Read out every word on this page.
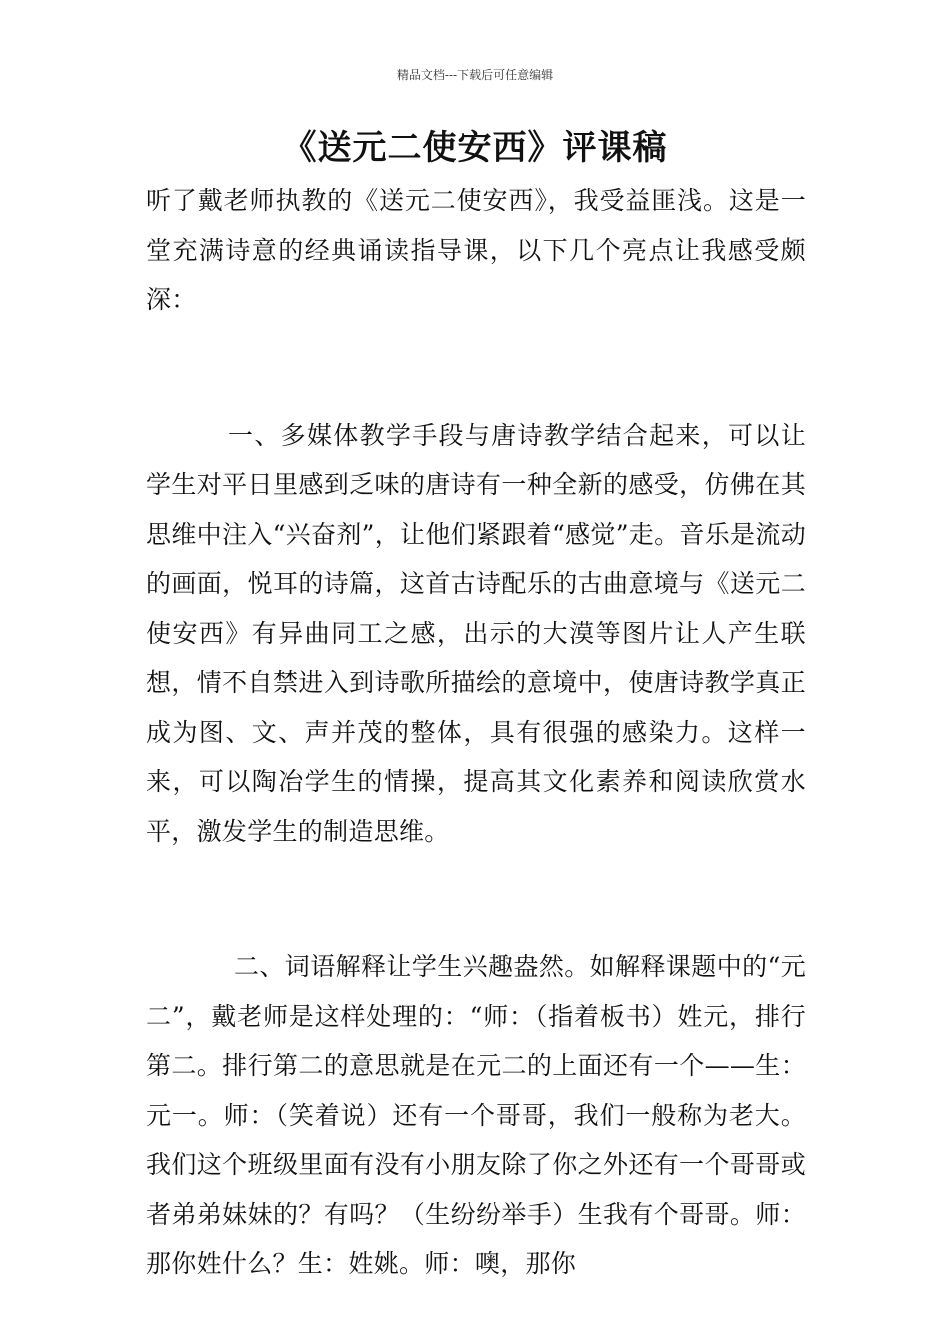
精品文档---下载后可任意编辑
《送元二使安西》评课稿

听了戴老师执教的《送元二使安西》，我受益匪浅。这是一堂充满诗意的经典诵读指导课，以下几个亮点让我感受颇深：

一、多媒体教学手段与唐诗教学结合起来，可以让学生对平日里感到乏味的唐诗有一种全新的感受，仿佛在其思维中注入“兴奋剂”，让他们紧跟着“感觉”走。音乐是流动的画面，悦耳的诗篇，这首古诗配乐的古曲意境与《送元二使安西》有异曲同工之感，出示的大漠等图片让人产生联想，情不自禁进入到诗歌所描绘的意境中，使唐诗教学真正成为图、文、声并茂的整体，具有很强的感染力。这样一来，可以陶冶学生的情操，提高其文化素养和阅读欣赏水平，激发学生的制造思维。

二、词语解释让学生兴趣盎然。如解释课题中的“元二”，戴老师是这样处理的：“师：（指着板书）姓元，排行第二。排行第二的意思就是在元二的上面还有一个——生：元一。师：（笑着说）还有一个哥哥，我们一般称为老大。我们这个班级里面有没有小朋友除了你之外还有一个哥哥或者弟弟妹妹的？有吗？（生纷纷举手）生我有个哥哥。师：那你姓什么？生：姓姚。师：噢，那你
